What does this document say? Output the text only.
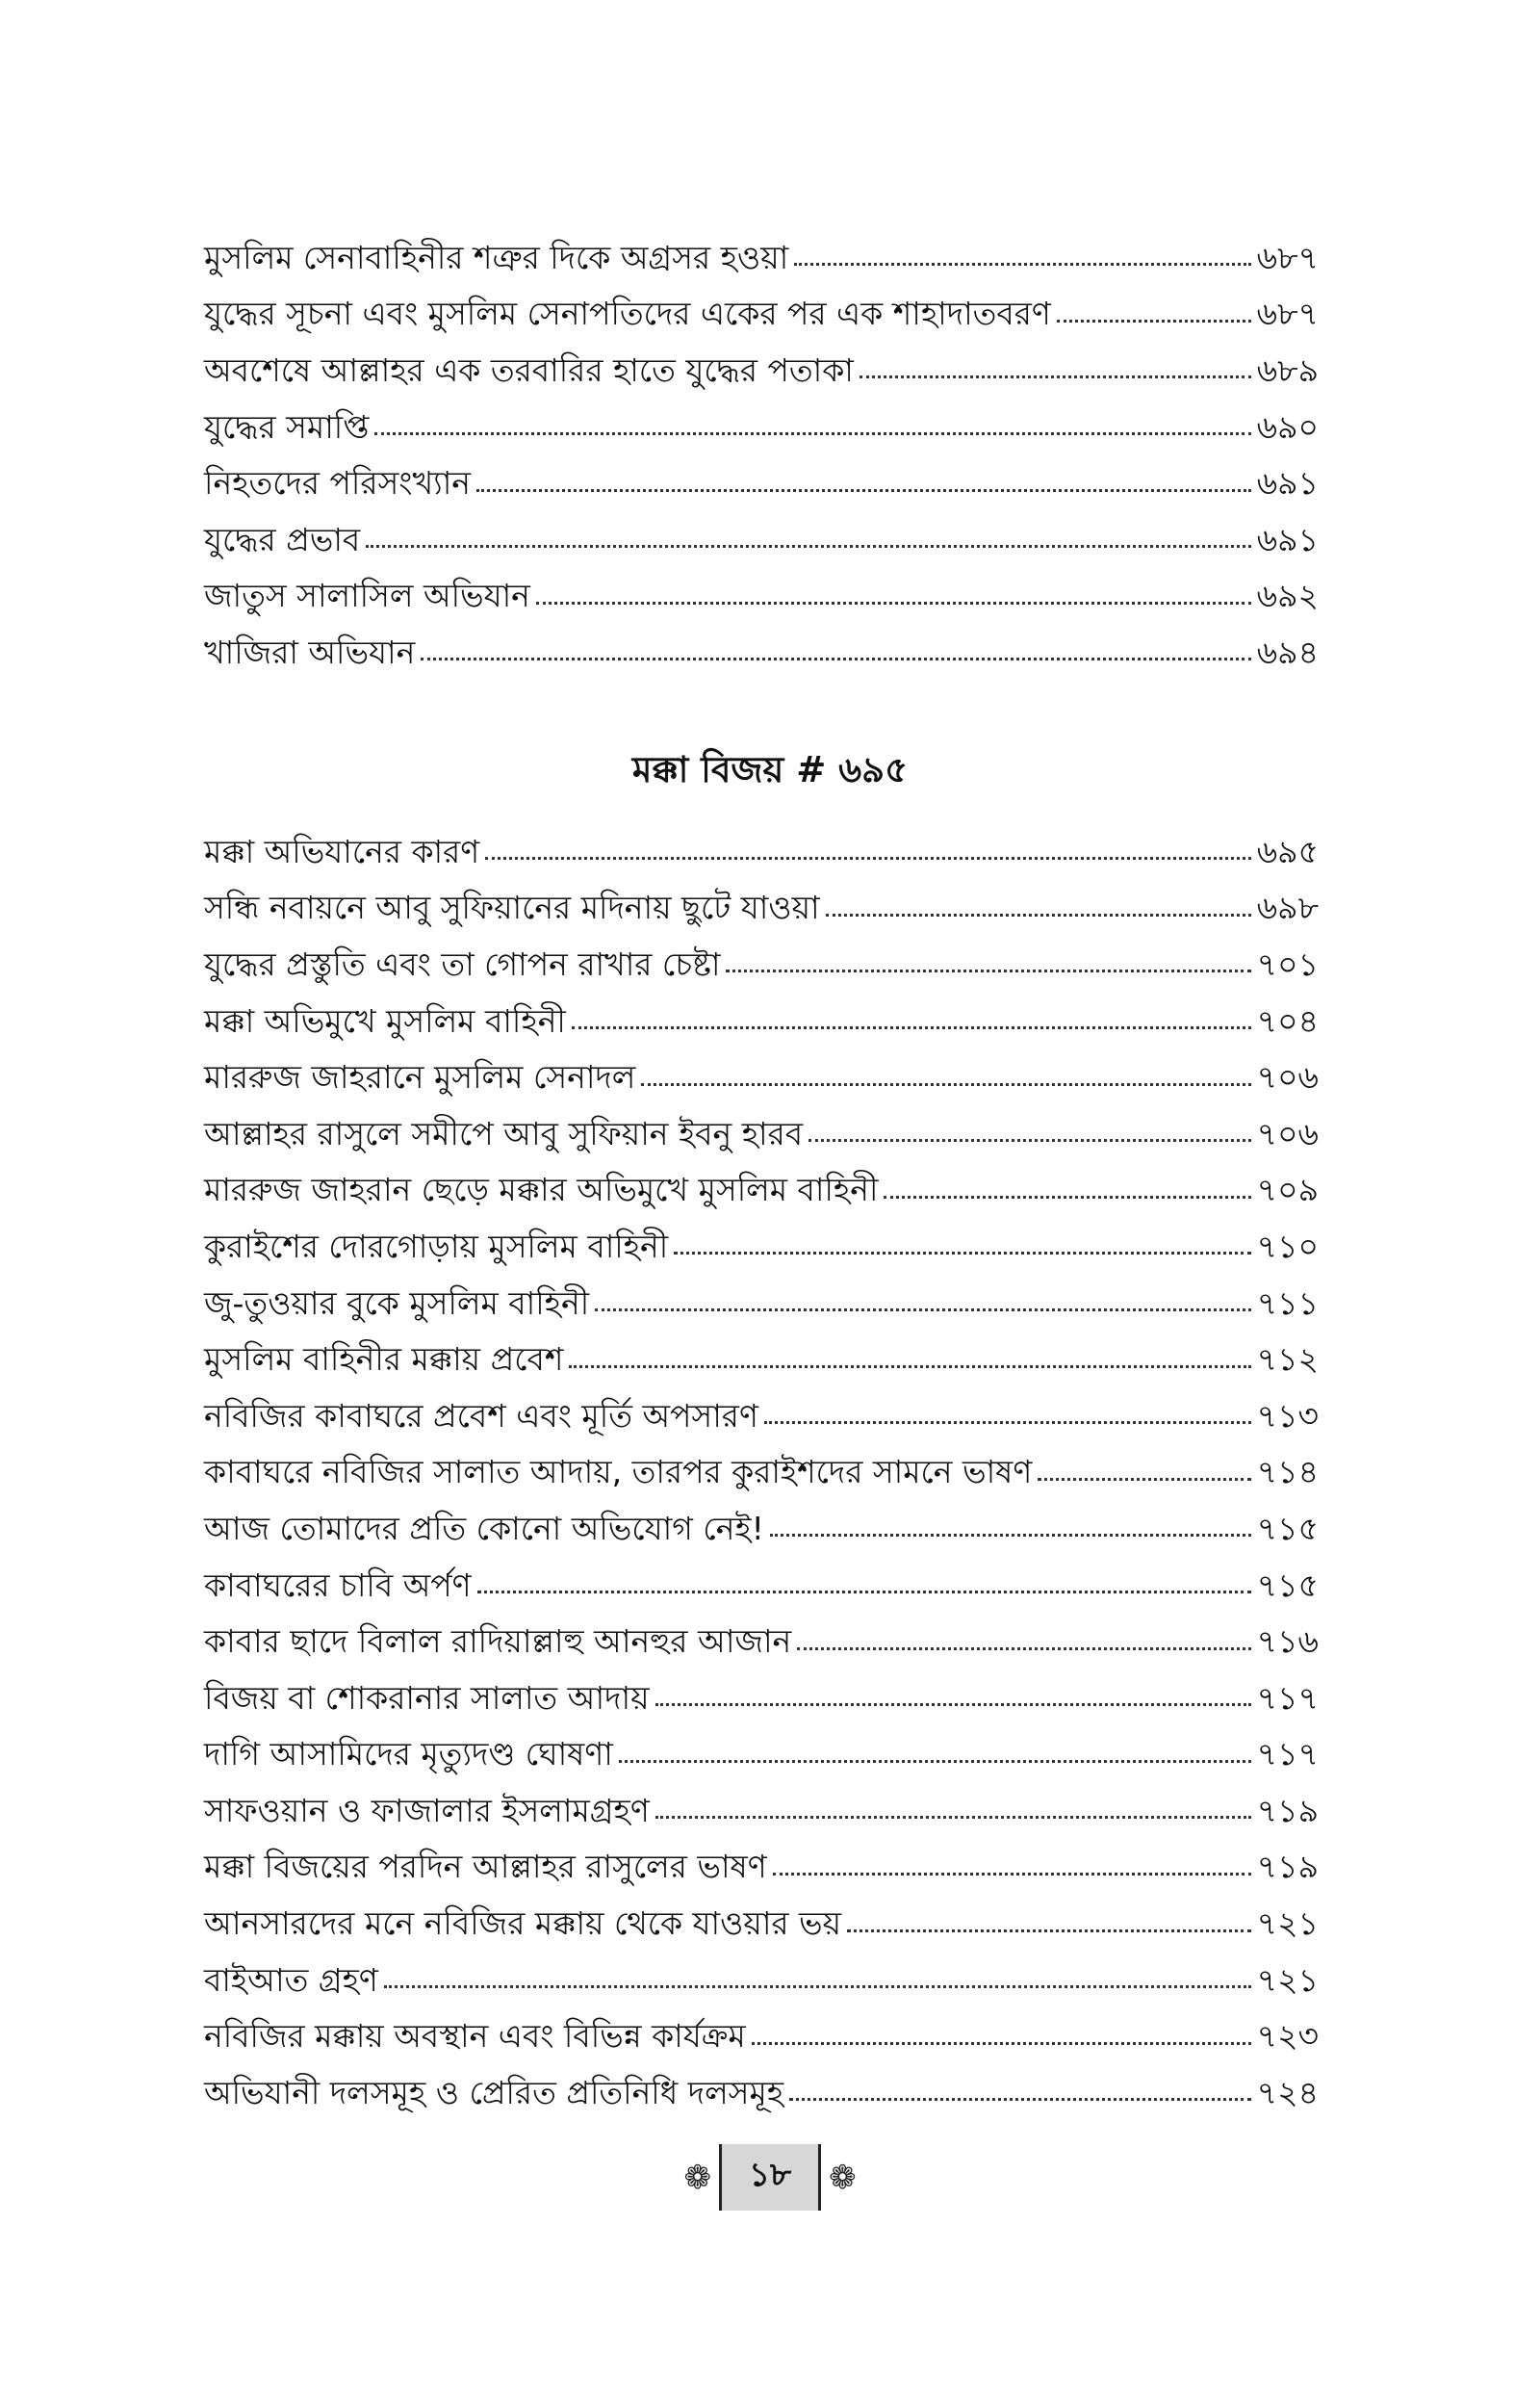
মুসলিম সেনাবাহিনীর শত্রুর দিকে অগ্রসর হওয়া	৬৮৭
যুদ্ধের সূচনা এবং মুসলিম সেনাপতিদের একের পর এক শাহাদাতবরণ	৬৮৭
অবশেষে আল্লাহর এক তরবারির হাতে যুদ্ধের পতাকা	৬৮৯
যুদ্ধের সমাপ্তি	৬৯০
নিহতদের পরিসংখ্যান	৬৯১
যুদ্ধের প্রভাব	৬৯১
জাতুস সালাসিল অভিযান	৬৯২
খাজিরা অভিযান	৬৯৪
মক্কা বিজয় # ৬৯৫
মক্কা অভিযানের কারণ	৬৯৫
সন্ধি নবায়নে আবু সুফিয়ানের মদিনায় ছুটে যাওয়া	৬৯৮
যুদ্ধের প্রস্তুতি এবং তা গোপন রাখার চেষ্টা	৭০১
মক্কা অভিমুখে মুসলিম বাহিনী	৭০৪
মাররুজ জাহরানে মুসলিম সেনাদল	৭০৬
আল্লাহর রাসুলে সমীপে আবু সুফিয়ান ইবনু হারব	৭০৬
মাররুজ জাহরান ছেড়ে মক্কার অভিমুখে মুসলিম বাহিনী	৭০৯
কুরাইশের দোরগোড়ায় মুসলিম বাহিনী	৭১০
জু-তুওয়ার বুকে মুসলিম বাহিনী	৭১১
মুসলিম বাহিনীর মক্কায় প্রবেশ	৭১২
নবিজির কাবাঘরে প্রবেশ এবং মূর্তি অপসারণ	৭১৩
কাবাঘরে নবিজির সালাত আদায়, তারপর কুরাইশদের সামনে ভাষণ	৭১৪
আজ তোমাদের প্রতি কোনো অভিযোগ নেই!	৭১৫
কাবাঘরের চাবি অর্পণ	৭১৫
কাবার ছাদে বিলাল রাদিয়াল্লাহু আনহুর আজান	৭১৬
বিজয় বা শোকরানার সালাত আদায়	৭১৭
দাগি আসামিদের মৃত্যুদণ্ড ঘোষণা	৭১৭
সাফওয়ান ও ফাজালার ইসলামগ্রহণ	৭১৯
মক্কা বিজয়ের পরদিন আল্লাহর রাসুলের ভাষণ	৭১৯
আনসারদের মনে নবিজির মক্কায় থেকে যাওয়ার ভয়	৭২১
বাইআত গ্রহণ	৭২১
নবিজির মক্কায় অবস্থান এবং বিভিন্ন কার্যক্রম	৭২৩
অভিযানী দলসমূহ ও প্রেরিত প্রতিনিধি দলসমূহ	৭২৪
❁	১৮	❁
